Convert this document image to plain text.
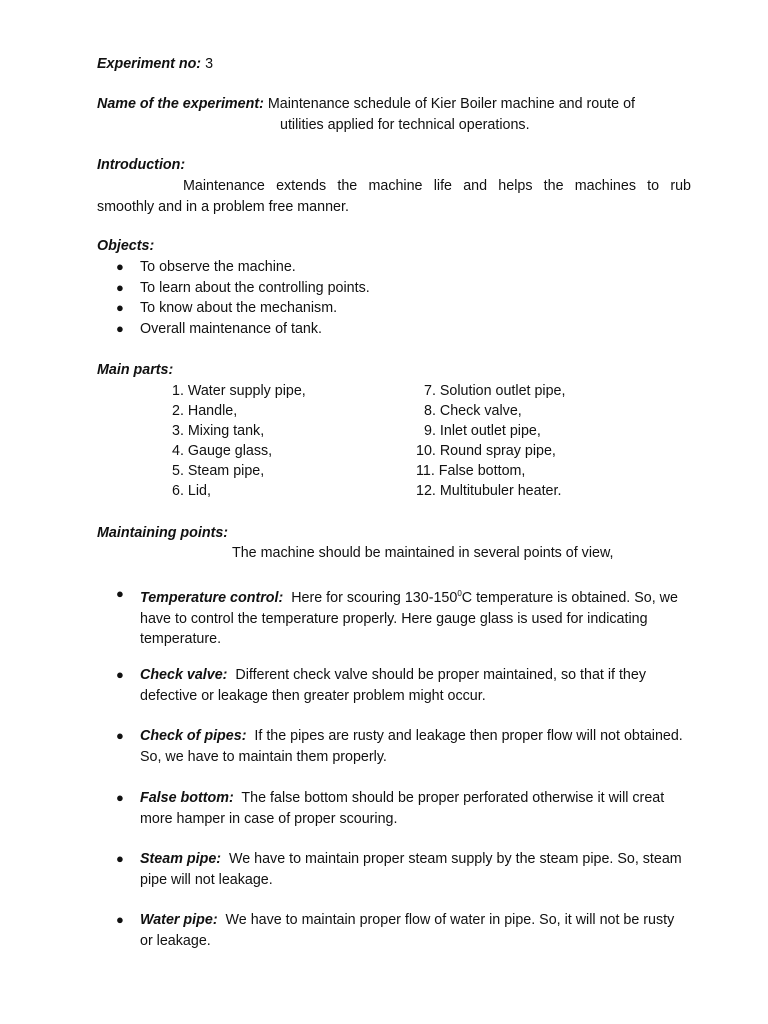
Experiment no: 3
Name of the experiment: Maintenance schedule of Kier Boiler machine and route of
utilities applied for technical operations.
Introduction:
Maintenance extends the machine life and helps the machines to rub
smoothly and in a problem free manner.
Objects:
● To observe the machine.
● To learn about the controlling points.
● To know about the mechanism.
● Overall maintenance of tank.
Main parts:
1. Water supply pipe,
2. Handle,
3. Mixing tank,
4. Gauge glass,
5. Steam pipe,
6. Lid,
7. Solution outlet pipe,
8. Check valve,
9. Inlet outlet pipe,
10. Round spray pipe,
11. False bottom,
12. Multitubuler heater.
Maintaining points:
The machine should be maintained in several points of view,
● Temperature control: Here for scouring $130-150^0C$ temperature is obtained. So, we have to control the temperature properly. Here gauge glass is used for indicating temperature.
● Check valve: Different check valve should be proper maintained, so that if they defective or leakage then greater problem might occur.
● Check of pipes: If the pipes are rusty and leakage then proper flow will not obtained. So, we have to maintain them properly.
● False bottom: The false bottom should be proper perforated otherwise it will creat more hamper in case of proper scouring.
● Steam pipe: We have to maintain proper steam supply by the steam pipe. So, steam pipe will not leakage.
● Water pipe: We have to maintain proper flow of water in pipe. So, it will not be rusty or leakage.
